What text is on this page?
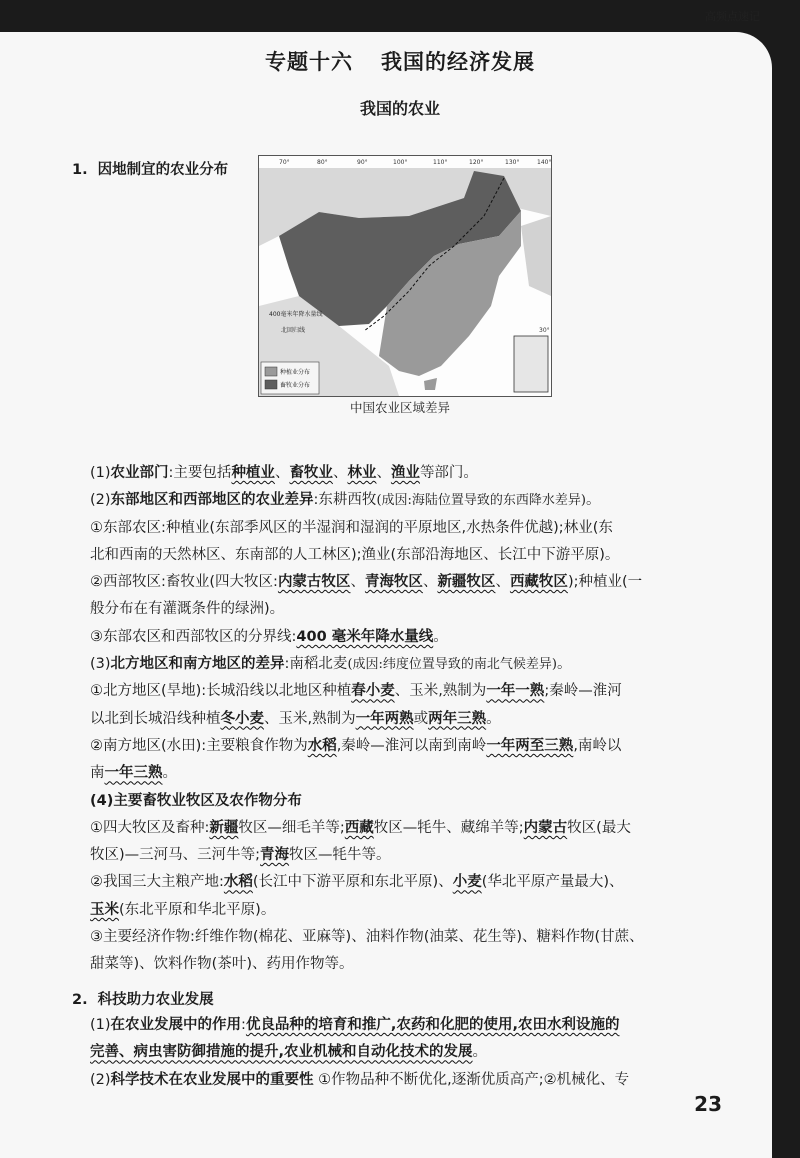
高频点速记
专题十六 我国的经济发展
我国的农业
1. 因地制宜的农业分布	70°	80°	90°	100°	110°	120°	130°	140°
30°
400毫米年降水量线
北回归线
种植业分布
畜牧业分布
中国农业区域差异

(1)农业部门:主要包括种植业、畜牧业、林业、渔业等部门。

(2)东部地区和西部地区的农业差异:东耕西牧(成因:海陆位置导致的东西降水差异)。

①东部农区:种植业(东部季风区的半湿润和湿润的平原地区,水热条件优越);林业(东

北和西南的天然林区、东南部的人工林区);渔业(东部沿海地区、长江中下游平原)。

②西部牧区:畜牧业(四大牧区:内蒙古牧区、青海牧区、新疆牧区、西藏牧区);种植业(一

般分布在有灌溉条件的绿洲)。

③东部农区和西部牧区的分界线:400 毫米年降水量线。

(3)北方地区和南方地区的差异:南稻北麦(成因:纬度位置导致的南北气候差异)。

①北方地区(旱地):长城沿线以北地区种植春小麦、玉米,熟制为一年一熟;秦岭—淮河

以北到长城沿线种植冬小麦、玉米,熟制为一年两熟或两年三熟。

②南方地区(水田):主要粮食作物为水稻,秦岭—淮河以南到南岭一年两至三熟,南岭以

南一年三熟。

(4)主要畜牧业牧区及农作物分布

①四大牧区及畜种:新疆牧区—细毛羊等;西藏牧区—牦牛、藏绵羊等;内蒙古牧区(最大

牧区)—三河马、三河牛等;青海牧区—牦牛等。

②我国三大主粮产地:水稻(长江中下游平原和东北平原)、小麦(华北平原产量最大)、

玉米(东北平原和华北平原)。

③主要经济作物:纤维作物(棉花、亚麻等)、油料作物(油菜、花生等)、糖料作物(甘蔗、

甜菜等)、饮料作物(茶叶)、药用作物等。

2. 科技助力农业发展

(1)在农业发展中的作用:优良品种的培育和推广,农药和化肥的使用,农田水利设施的

完善、病虫害防御措施的提升,农业机械和自动化技术的发展。

(2)科学技术在农业发展中的重要性 ①作物品种不断优化,逐渐优质高产;②机械化、专

23
